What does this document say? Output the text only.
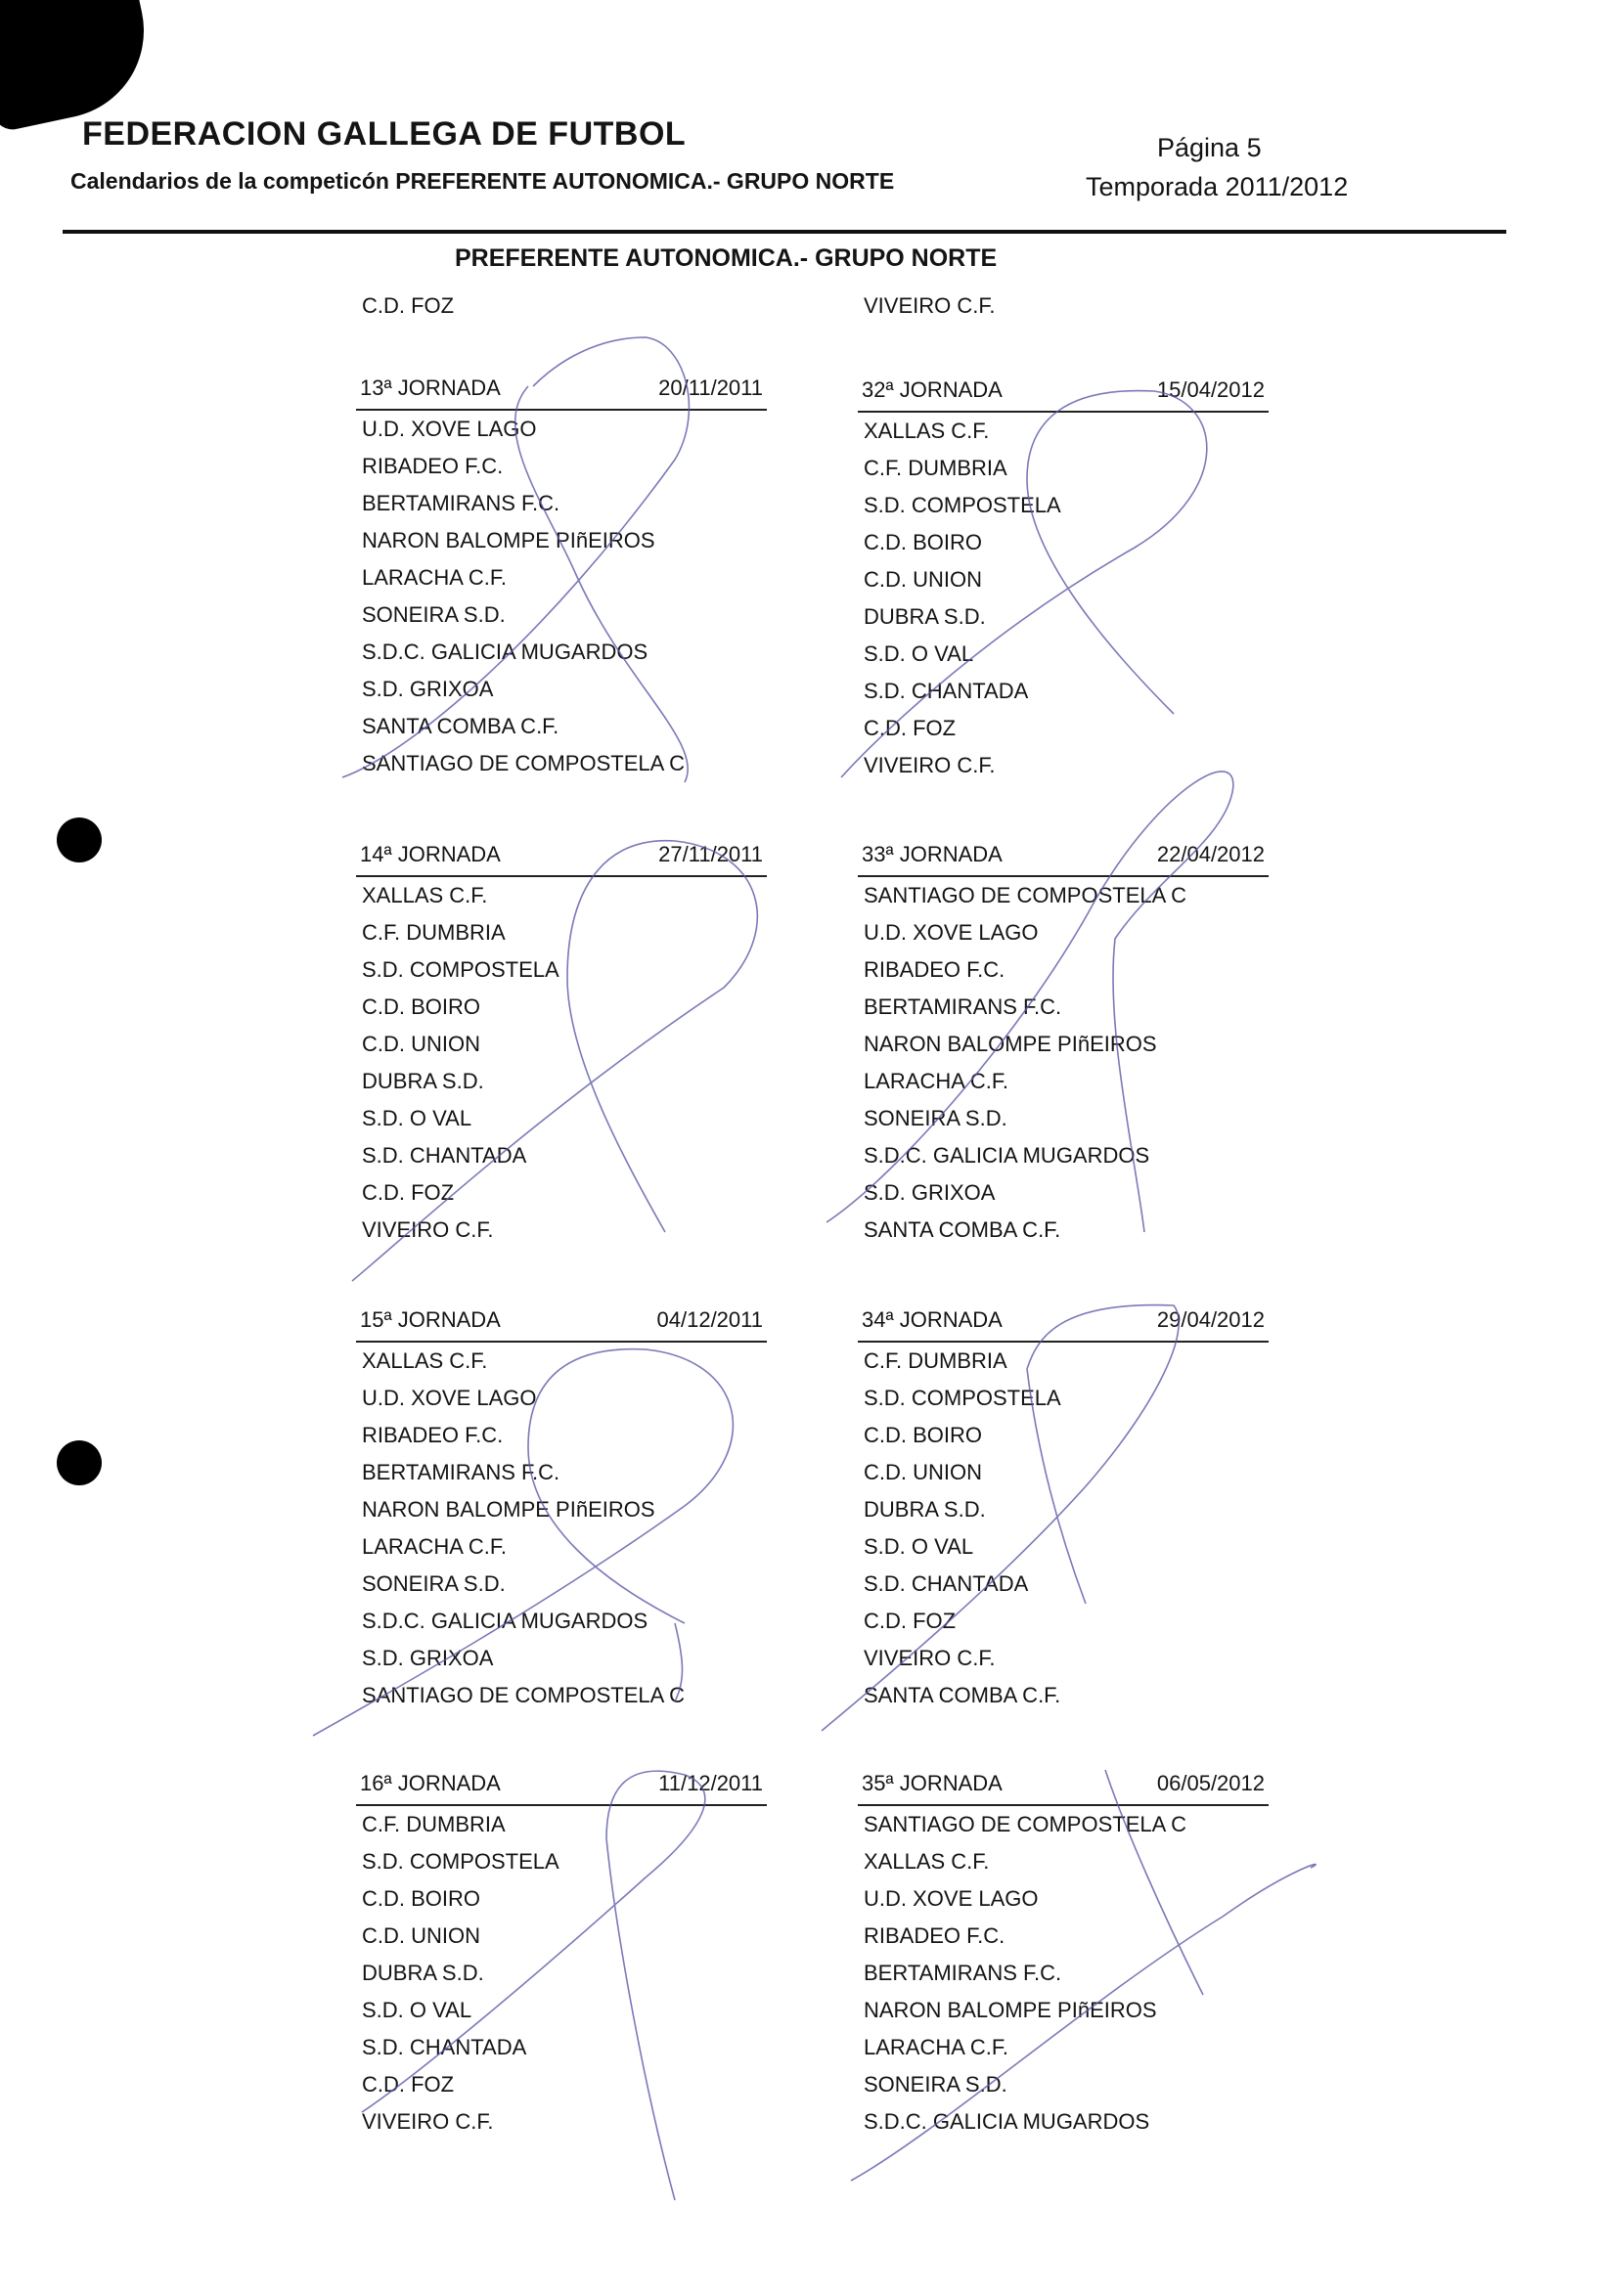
FEDERACION GALLEGA DE FUTBOL
Calendarios de la competicón PREFERENTE AUTONOMICA.- GRUPO NORTE
Página 5
Temporada 2011/2012
PREFERENTE AUTONOMICA.- GRUPO NORTE
C.D. FOZ	VIVEIRO C.F.
13ª JORNADA	20/11/2011
U.D. XOVE LAGO
RIBADEO F.C.
BERTAMIRANS F.C.
NARON BALOMPE PIñEIROS
LARACHA C.F.
SONEIRA S.D.
S.D.C. GALICIA MUGARDOS
S.D. GRIXOA
SANTA COMBA C.F.
SANTIAGO DE COMPOSTELA C
32ª JORNADA	15/04/2012
XALLAS C.F.
C.F. DUMBRIA
S.D. COMPOSTELA
C.D. BOIRO
C.D. UNION
DUBRA S.D.
S.D. O VAL
S.D. CHANTADA
C.D. FOZ
VIVEIRO C.F.
14ª JORNADA	27/11/2011
XALLAS C.F.
C.F. DUMBRIA
S.D. COMPOSTELA
C.D. BOIRO
C.D. UNION
DUBRA S.D.
S.D. O VAL
S.D. CHANTADA
C.D. FOZ
VIVEIRO C.F.
33ª JORNADA	22/04/2012
SANTIAGO DE COMPOSTELA C
U.D. XOVE LAGO
RIBADEO F.C.
BERTAMIRANS F.C.
NARON BALOMPE PIñEIROS
LARACHA C.F.
SONEIRA S.D.
S.D.C. GALICIA MUGARDOS
S.D. GRIXOA
SANTA COMBA C.F.
15ª JORNADA	04/12/2011
XALLAS C.F.
U.D. XOVE LAGO
RIBADEO F.C.
BERTAMIRANS F.C.
NARON BALOMPE PIñEIROS
LARACHA C.F.
SONEIRA S.D.
S.D.C. GALICIA MUGARDOS
S.D. GRIXOA
SANTIAGO DE COMPOSTELA C
34ª JORNADA	29/04/2012
C.F. DUMBRIA
S.D. COMPOSTELA
C.D. BOIRO
C.D. UNION
DUBRA S.D.
S.D. O VAL
S.D. CHANTADA
C.D. FOZ
VIVEIRO C.F.
SANTA COMBA C.F.
16ª JORNADA	11/12/2011
C.F. DUMBRIA
S.D. COMPOSTELA
C.D. BOIRO
C.D. UNION
DUBRA S.D.
S.D. O VAL
S.D. CHANTADA
C.D. FOZ
VIVEIRO C.F.
35ª JORNADA	06/05/2012
SANTIAGO DE COMPOSTELA C
XALLAS C.F.
U.D. XOVE LAGO
RIBADEO F.C.
BERTAMIRANS F.C.
NARON BALOMPE PIñEIROS
LARACHA C.F.
SONEIRA S.D.
S.D.C. GALICIA MUGARDOS
